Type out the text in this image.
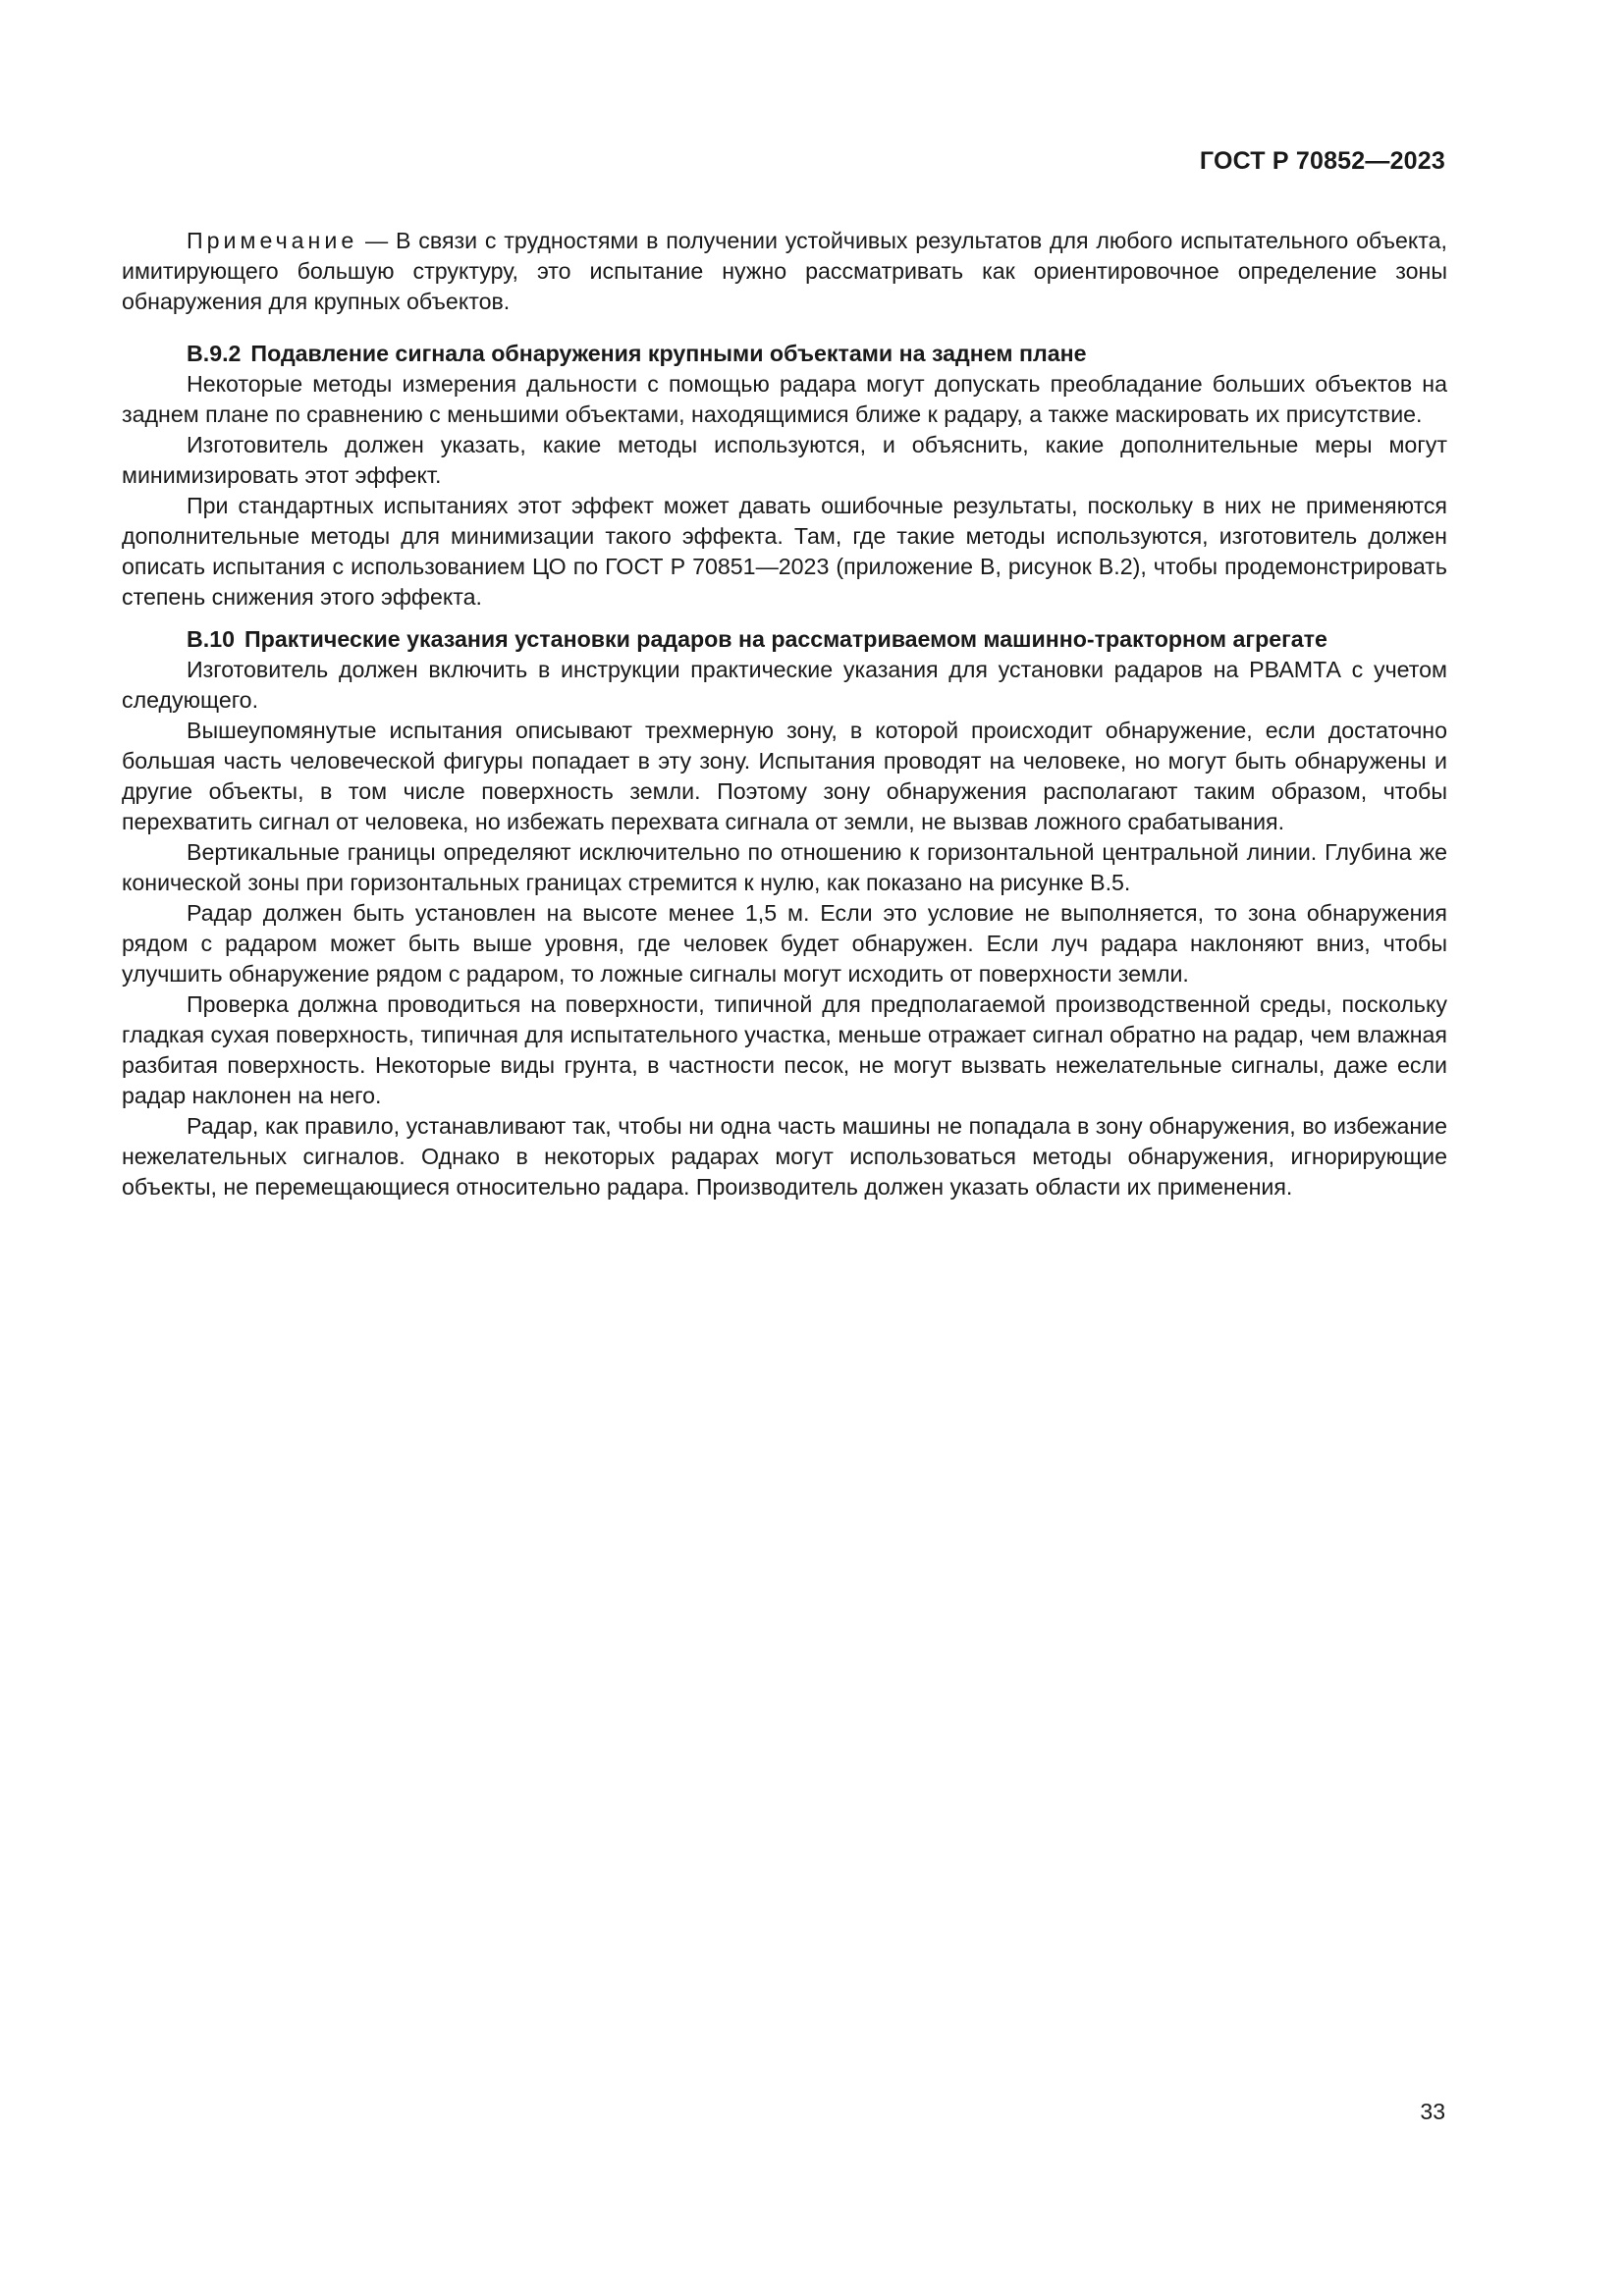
ГОСТ Р 70852—2023

Примечание — В связи с трудностями в получении устойчивых результатов для любого испытательного объекта, имитирующего большую структуру, это испытание нужно рассматривать как ориентировочное определение зоны обнаружения для крупных объектов.

B.9.2 Подавление сигнала обнаружения крупными объектами на заднем плане

Некоторые методы измерения дальности с помощью радара могут допускать преобладание больших объектов на заднем плане по сравнению с меньшими объектами, находящимися ближе к радару, а также маскировать их присутствие.

Изготовитель должен указать, какие методы используются, и объяснить, какие дополнительные меры могут минимизировать этот эффект.

При стандартных испытаниях этот эффект может давать ошибочные результаты, поскольку в них не применяются дополнительные методы для минимизации такого эффекта. Там, где такие методы используются, изготовитель должен описать испытания с использованием ЦО по ГОСТ Р 70851—2023 (приложение В, рисунок В.2), чтобы продемонстрировать степень снижения этого эффекта.

B.10 Практические указания установки радаров на рассматриваемом машинно-тракторном агрегате

Изготовитель должен включить в инструкции практические указания для установки радаров на РВАМТА с учетом следующего.

Вышеупомянутые испытания описывают трехмерную зону, в которой происходит обнаружение, если достаточно большая часть человеческой фигуры попадает в эту зону. Испытания проводят на человеке, но могут быть обнаружены и другие объекты, в том числе поверхность земли. Поэтому зону обнаружения располагают таким образом, чтобы перехватить сигнал от человека, но избежать перехвата сигнала от земли, не вызвав ложного срабатывания.

Вертикальные границы определяют исключительно по отношению к горизонтальной центральной линии. Глубина же конической зоны при горизонтальных границах стремится к нулю, как показано на рисунке В.5.

Радар должен быть установлен на высоте менее 1,5 м. Если это условие не выполняется, то зона обнаружения рядом с радаром может быть выше уровня, где человек будет обнаружен. Если луч радара наклоняют вниз, чтобы улучшить обнаружение рядом с радаром, то ложные сигналы могут исходить от поверхности земли.

Проверка должна проводиться на поверхности, типичной для предполагаемой производственной среды, поскольку гладкая сухая поверхность, типичная для испытательного участка, меньше отражает сигнал обратно на радар, чем влажная разбитая поверхность. Некоторые виды грунта, в частности песок, не могут вызвать нежелательные сигналы, даже если радар наклонен на него.

Радар, как правило, устанавливают так, чтобы ни одна часть машины не попадала в зону обнаружения, во избежание нежелательных сигналов. Однако в некоторых радарах могут использоваться методы обнаружения, игнорирующие объекты, не перемещающиеся относительно радара. Производитель должен указать области их применения.

33
